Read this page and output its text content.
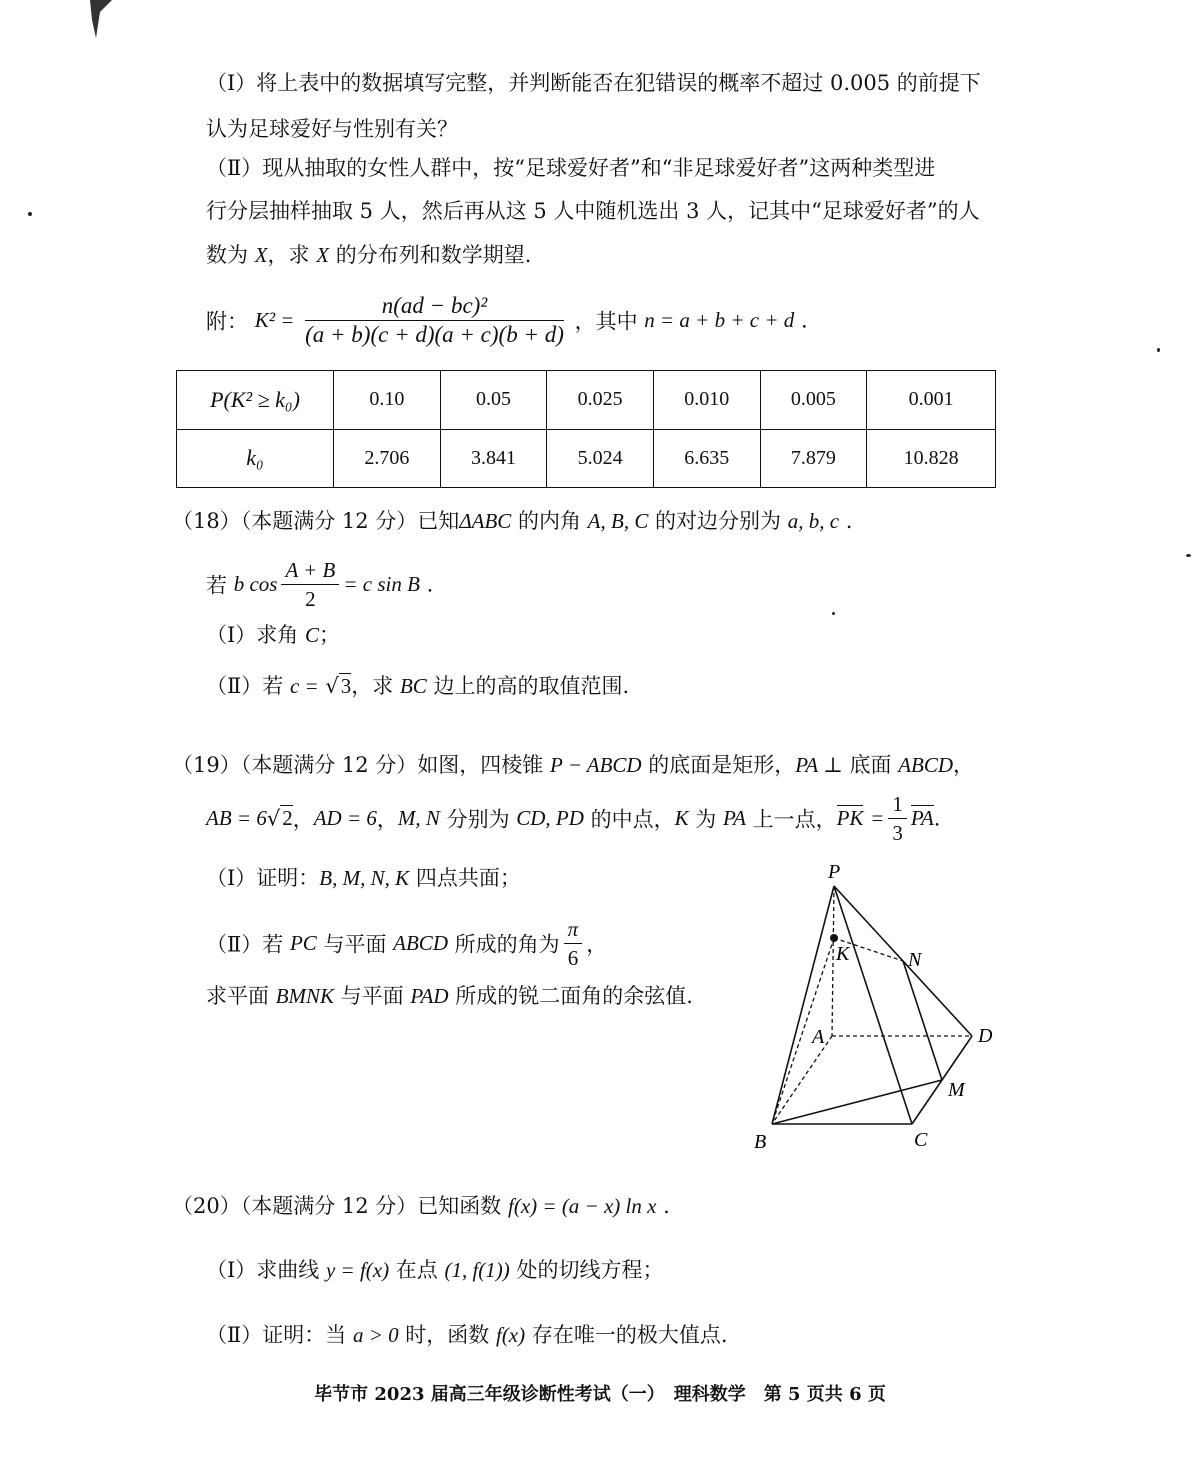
（Ⅰ）将上表中的数据填写完整，并判断能否在犯错误的概率不超过 0.005 的前提下
认为足球爱好与性别有关？
（Ⅱ）现从抽取的女性人群中，按“足球爱好者”和“非足球爱好者”这两种类型进
行分层抽样抽取 5 人，然后再从这 5 人中随机选出 3 人，记其中“足球爱好者”的人
数为 X，求 X 的分布列和数学期望.
附： $K^2 = \frac{\text{n(ad − bc)²}}{(a + b)(c + d)(a + c)(b + d)}$ ，其中 n = a + b + c + d .
P(K² ≥ k₀)	0.10	0.05	0.025	0.010	0.005	0.001
k₀	2.706	3.841	5.024	6.635	7.879	10.828
（18）（本题满分 12 分）已知ΔABC 的内角 A, B, C 的对边分别为 a, b, c .
若 b $\cos \frac{A + B}{2} = c$ sin B .
（Ⅰ）求角 C；
（Ⅱ）若 c = √3，求 BC 边上的高的取值范围.
（19）（本题满分 12 分）如图，四棱锥 P − ABCD 的底面是矩形，PA ⊥ 底面 ABCD，
AB = 6√2，AD = 6，M, N 分别为 CD, PD 的中点，K 为 PA 上一点，PK = $\frac{1}{3}$ PA.
（Ⅰ）证明：B, M, N, K 四点共面；
（Ⅱ）若 PC 与平面 ABCD 所成的角为 $\frac{\pi}{6}$ ，
求平面 BMNK 与平面 PAD 所成的锐二面角的余弦值.
P
K	N
A	D
M
B	C
（20）（本题满分 12 分）已知函数 f(x) = (a − x) ln x .
（Ⅰ）求曲线 y = f(x) 在点 (1, f(1)) 处的切线方程；
（Ⅱ）证明：当 a > 0 时，函数 f(x) 存在唯一的极大值点.
毕节市 2023 届高三年级诊断性考试（一）　理科数学　第 5 页共 6 页
